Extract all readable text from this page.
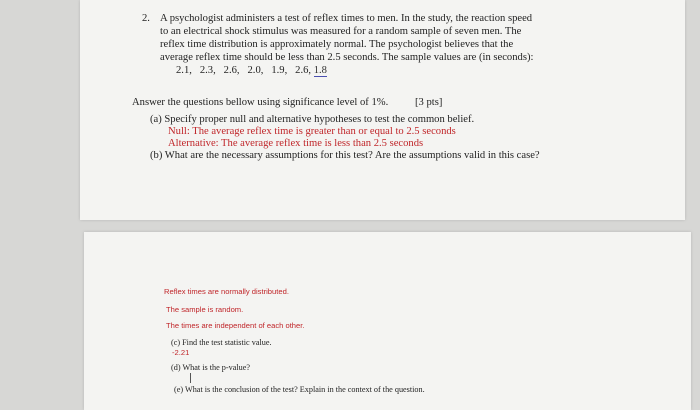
2. A psychologist administers a test of reflex times to men. In the study, the reaction speed
to an electrical shock stimulus was measured for a random sample of seven men. The
reflex time distribution is approximately normal. The psychologist believes that the
average reflex time should be less than 2.5 seconds. The sample values are (in seconds):
2.1,   2.3,   2.6,   2.0,   1.9,   2.6, 1.8
Answer the questions bellow using significance level of 1%.	[3 pts]
(a) Specify proper null and alternative hypotheses to test the common belief.
Null: The average reflex time is greater than or equal to 2.5 seconds
Alternative: The average reflex time is less than 2.5 seconds
(b) What are the necessary assumptions for this test? Are the assumptions valid in this case?
Reflex times are normally distributed.
The sample is random.
The times are independent of each other.
(c) Find the test statistic value.
-2.21
(d) What is the p-value?
(e) What is the conclusion of the test? Explain in the context of the question.
